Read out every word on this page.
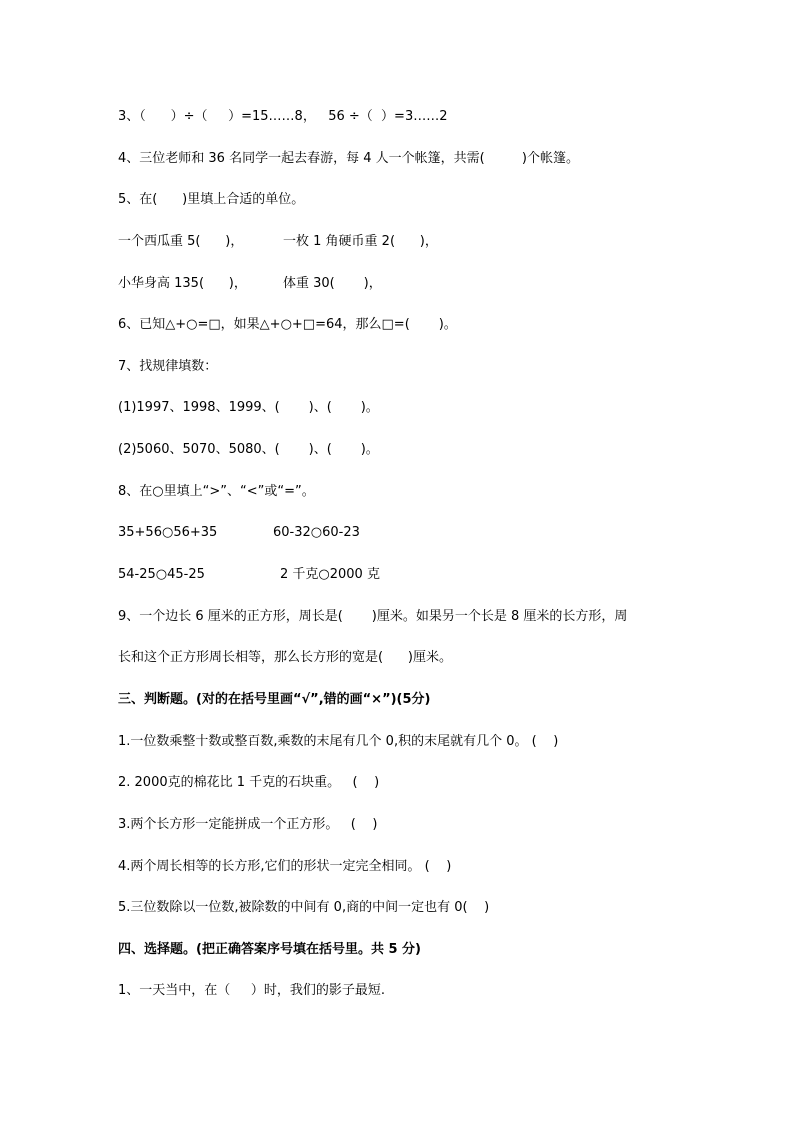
3、（      ）÷（     ）=15……8，   56 ÷（  ）=3……2
4、三位老师和 36 名同学一起去春游，每 4 人一个帐篷，共需(         )个帐篷。
5、在(      )里填上合适的单位。
一个西瓜重 5(      )，	一枚 1 角硬币重 2(      )，
小华身高 135(      )，	体重 30(       )，
6、已知△+○=□，如果△+○+□=64，那么□=(       )。
7、找规律填数：
(1)1997、1998、1999、(       )、(       )。
(2)5060、5070、5080、(       )、(       )。
8、在○里填上“>”、“<”或“=”。
35+56○56+35	60-32○60-23
54-25○45-25	2 千克○2000 克
9、一个边长 6 厘米的正方形，周长是(       )厘米。如果另一个长是 8 厘米的长方形，周
长和这个正方形周长相等，那么长方形的宽是(      )厘米。
三、判断题。(对的在括号里画“√”,错的画“×”)(5分)
1.一位数乘整十数或整百数,乘数的末尾有几个 0,积的末尾就有几个 0。 (    )
2. 2000克的棉花比 1 千克的石块重。   (    )
3.两个长方形一定能拼成一个正方形。   (    )
4.两个周长相等的长方形,它们的形状一定完全相同。 (    )
5.三位数除以一位数,被除数的中间有 0,商的中间一定也有 0(    )
四、选择题。(把正确答案序号填在括号里。共 5 分)
1、一天当中，在（     ）时，我们的影子最短.
